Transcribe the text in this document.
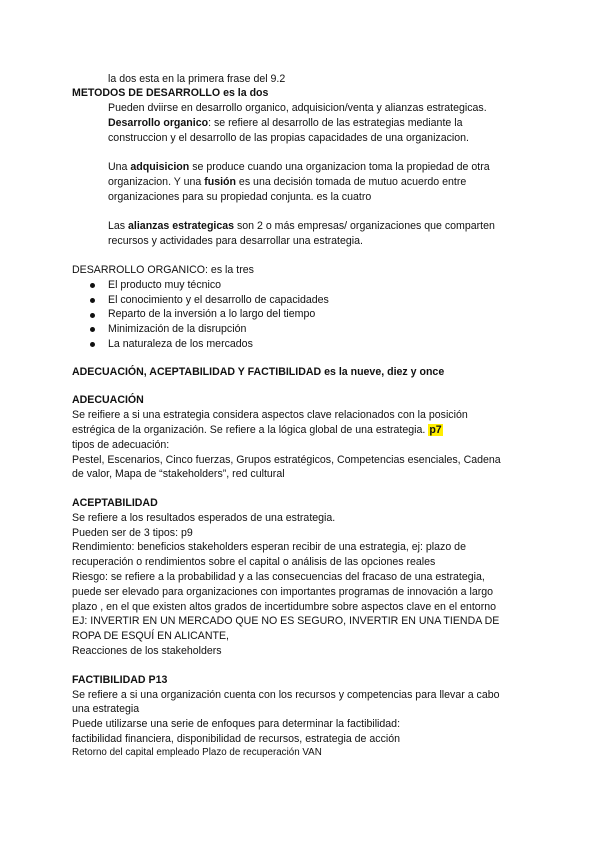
la dos esta en la primera frase del 9.2
METODOS DE DESARROLLO es la dos
Pueden dviirse en desarrollo organico, adquisicion/venta y alianzas estrategicas.
Desarrollo organico: se refiere al desarrollo de las estrategias mediante la
construccion y el desarrollo de las propias capacidades de una organizacion.
Una adquisicion se produce cuando una organizacion toma la propiedad de otra
organizacion. Y una fusión es una decisión tomada de mutuo acuerdo entre
organizaciones para su propiedad conjunta. es la cuatro
Las alianzas estrategicas son 2 o más empresas/ organizaciones que comparten
recursos y actividades para desarrollar una estrategia.
DESARROLLO ORGANICO: es la tres
El producto muy técnico
El conocimiento y el desarrollo de capacidades
Reparto de la inversión a lo largo del tiempo
Minimización de la disrupción
La naturaleza de los mercados
ADECUACIÓN, ACEPTABILIDAD Y FACTIBILIDAD es la nueve, diez y once
ADECUACIÓN
Se reifiere a si una estrategia considera aspectos clave relacionados con la posición
estrégica de la organización. Se refiere a la lógica global de una estrategia. p7
tipos de adecuación:
Pestel, Escenarios, Cinco fuerzas, Grupos estratégicos, Competencias esenciales, Cadena
de valor, Mapa de “stakeholders”, red cultural
ACEPTABILIDAD
Se refiere a los resultados esperados de una estrategia.
Pueden ser de 3 tipos: p9
Rendimiento: beneficios stakeholders esperan recibir de una estrategia, ej: plazo de
recuperación o rendimientos sobre el capital o análisis de las opciones reales
Riesgo: se refiere a la probabilidad y a las consecuencias del fracaso de una estrategia,
puede ser elevado para organizaciones con importantes programas de innovación a largo
plazo , en el que existen altos grados de incertidumbre sobre aspectos clave en el entorno
EJ: INVERTIR EN UN MERCADO QUE NO ES SEGURO, INVERTIR EN UNA TIENDA DE
ROPA DE ESQUÍ EN ALICANTE,
Reacciones de los stakeholders
FACTIBILIDAD P13
Se refiere a si una organización cuenta con los recursos y competencias para llevar a cabo
una estrategia
Puede utilizarse una serie de enfoques para determinar la factibilidad:
factibilidad financiera, disponibilidad de recursos, estrategia de acción
Retorno del capital empleado Plazo de recuperación VAN
